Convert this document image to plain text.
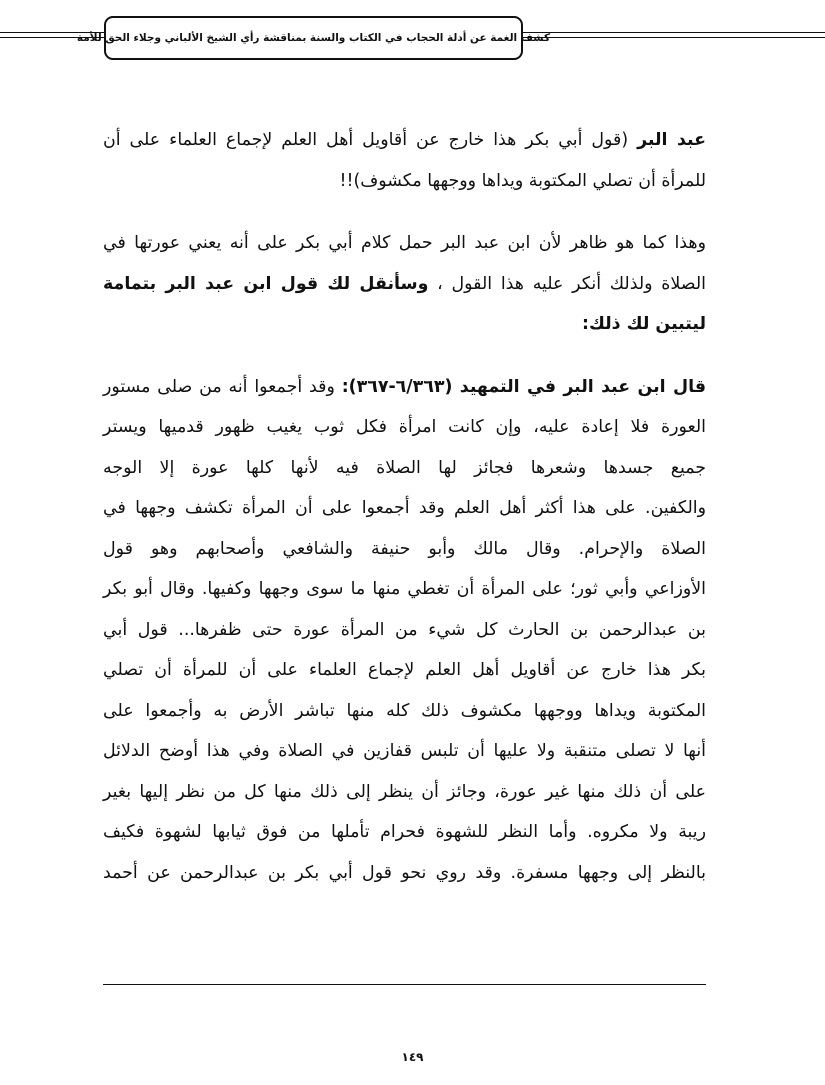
كشف الغمة عن أدلة الحجاب في الكتاب والسنة بمناقشة رأي الشيخ الألباني وجلاء الحق للأمة
عبد البر (قول أبي بكر هذا خارج عن أقاويل أهل العلم لإجماع العلماء على أن
للمرأة أن تصلي المكتوبة ويداها ووجهها مكشوف)!!
وهذا كما هو ظاهر لأن ابن عبد البر حمل كلام أبي بكر على أنه يعني عورتها في
الصلاة ولذلك أنكر عليه هذا القول ، وسأنقل لك قول ابن عبد البر بتمامة
ليتبين لك ذلك:
قال ابن عبد البر في التمهيد (٦/٣٦٣-٣٦٧): وقد أجمعوا أنه من صلى مستور
العورة فلا إعادة عليه، وإن كانت امرأة فكل ثوب يغيب ظهور قدميها ويستر
جميع جسدها وشعرها فجائز لها الصلاة فيه لأنها كلها عورة إلا الوجه
والكفين. على هذا أكثر أهل العلم وقد أجمعوا على أن المرأة تكشف وجهها في
الصلاة والإحرام. وقال مالك وأبو حنيفة والشافعي وأصحابهم وهو قول
الأوزاعي وأبي ثور؛ على المرأة أن تغطي منها ما سوى وجهها وكفيها. وقال أبو بكر
بن عبدالرحمن بن الحارث كل شيء من المرأة عورة حتى ظفرها... قول أبي
بكر هذا خارج عن أقاويل أهل العلم لإجماع العلماء على أن للمرأة أن تصلي
المكتوبة ويداها ووجهها مكشوف ذلك كله منها تباشر الأرض به وأجمعوا على
أنها لا تصلى متنقبة ولا عليها أن تلبس قفازين في الصلاة وفي هذا أوضح الدلائل
على أن ذلك منها غير عورة، وجائز أن ينظر إلى ذلك منها كل من نظر إليها بغير
ريبة ولا مكروه. وأما النظر للشهوة فحرام تأملها من فوق ثيابها لشهوة فكيف
بالنظر إلى وجهها مسفرة. وقد روي نحو قول أبي بكر بن عبدالرحمن عن أحمد
١٤٩
